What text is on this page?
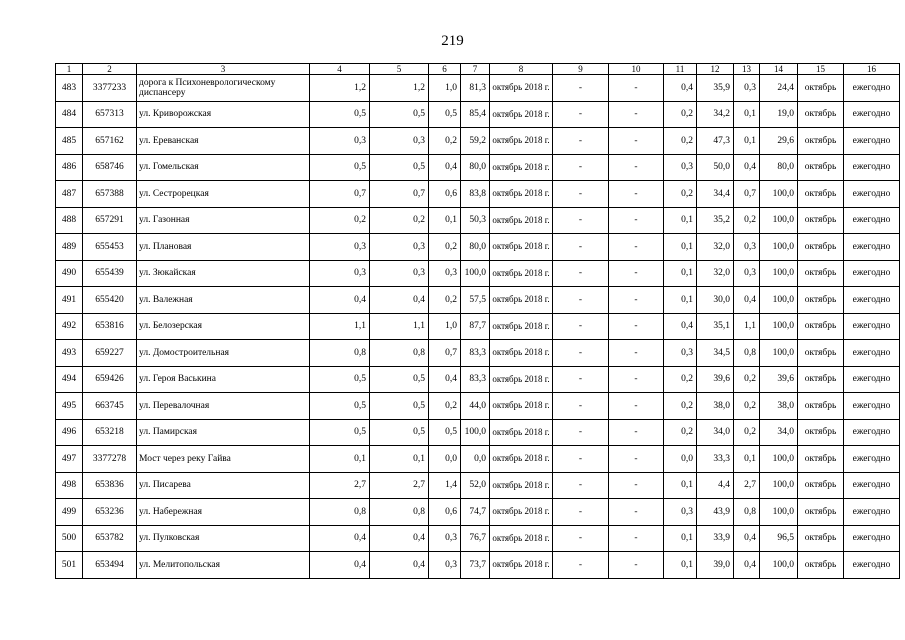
219
1	2	3	4	5	6	7	8	9	10	11	12	13	14	15	16
483	3377233	дорога к Психоневрологическому диспансеру	1,2	1,2	1,0	81,3	октябрь 2018 г.	-	-	0,4	35,9	0,3	24,4	октябрь	ежегодно
484	657313	ул. Криворожская	0,5	0,5	0,5	85,4	октябрь 2018 г.	-	-	0,2	34,2	0,1	19,0	октябрь	ежегодно
485	657162	ул. Ереванская	0,3	0,3	0,2	59,2	октябрь 2018 г.	-	-	0,2	47,3	0,1	29,6	октябрь	ежегодно
486	658746	ул. Гомельская	0,5	0,5	0,4	80,0	октябрь 2018 г.	-	-	0,3	50,0	0,4	80,0	октябрь	ежегодно
487	657388	ул. Сестрорецкая	0,7	0,7	0,6	83,8	октябрь 2018 г.	-	-	0,2	34,4	0,7	100,0	октябрь	ежегодно
488	657291	ул. Газонная	0,2	0,2	0,1	50,3	октябрь 2018 г.	-	-	0,1	35,2	0,2	100,0	октябрь	ежегодно
489	655453	ул. Плановая	0,3	0,3	0,2	80,0	октябрь 2018 г.	-	-	0,1	32,0	0,3	100,0	октябрь	ежегодно
490	655439	ул. Зюкайская	0,3	0,3	0,3	100,0	октябрь 2018 г.	-	-	0,1	32,0	0,3	100,0	октябрь	ежегодно
491	655420	ул. Валежная	0,4	0,4	0,2	57,5	октябрь 2018 г.	-	-	0,1	30,0	0,4	100,0	октябрь	ежегодно
492	653816	ул. Белозерская	1,1	1,1	1,0	87,7	октябрь 2018 г.	-	-	0,4	35,1	1,1	100,0	октябрь	ежегодно
493	659227	ул. Домостроительная	0,8	0,8	0,7	83,3	октябрь 2018 г.	-	-	0,3	34,5	0,8	100,0	октябрь	ежегодно
494	659426	ул. Героя Васькина	0,5	0,5	0,4	83,3	октябрь 2018 г.	-	-	0,2	39,6	0,2	39,6	октябрь	ежегодно
495	663745	ул. Перевалочная	0,5	0,5	0,2	44,0	октябрь 2018 г.	-	-	0,2	38,0	0,2	38,0	октябрь	ежегодно
496	653218	ул. Памирская	0,5	0,5	0,5	100,0	октябрь 2018 г.	-	-	0,2	34,0	0,2	34,0	октябрь	ежегодно
497	3377278	Мост через реку Гайва	0,1	0,1	0,0	0,0	октябрь 2018 г.	-	-	0,0	33,3	0,1	100,0	октябрь	ежегодно
498	653836	ул. Писарева	2,7	2,7	1,4	52,0	октябрь 2018 г.	-	-	0,1	4,4	2,7	100,0	октябрь	ежегодно
499	653236	ул. Набережная	0,8	0,8	0,6	74,7	октябрь 2018 г.	-	-	0,3	43,9	0,8	100,0	октябрь	ежегодно
500	653782	ул. Пулковская	0,4	0,4	0,3	76,7	октябрь 2018 г.	-	-	0,1	33,9	0,4	96,5	октябрь	ежегодно
501	653494	ул. Мелитопольская	0,4	0,4	0,3	73,7	октябрь 2018 г.	-	-	0,1	39,0	0,4	100,0	октябрь	ежегодно
